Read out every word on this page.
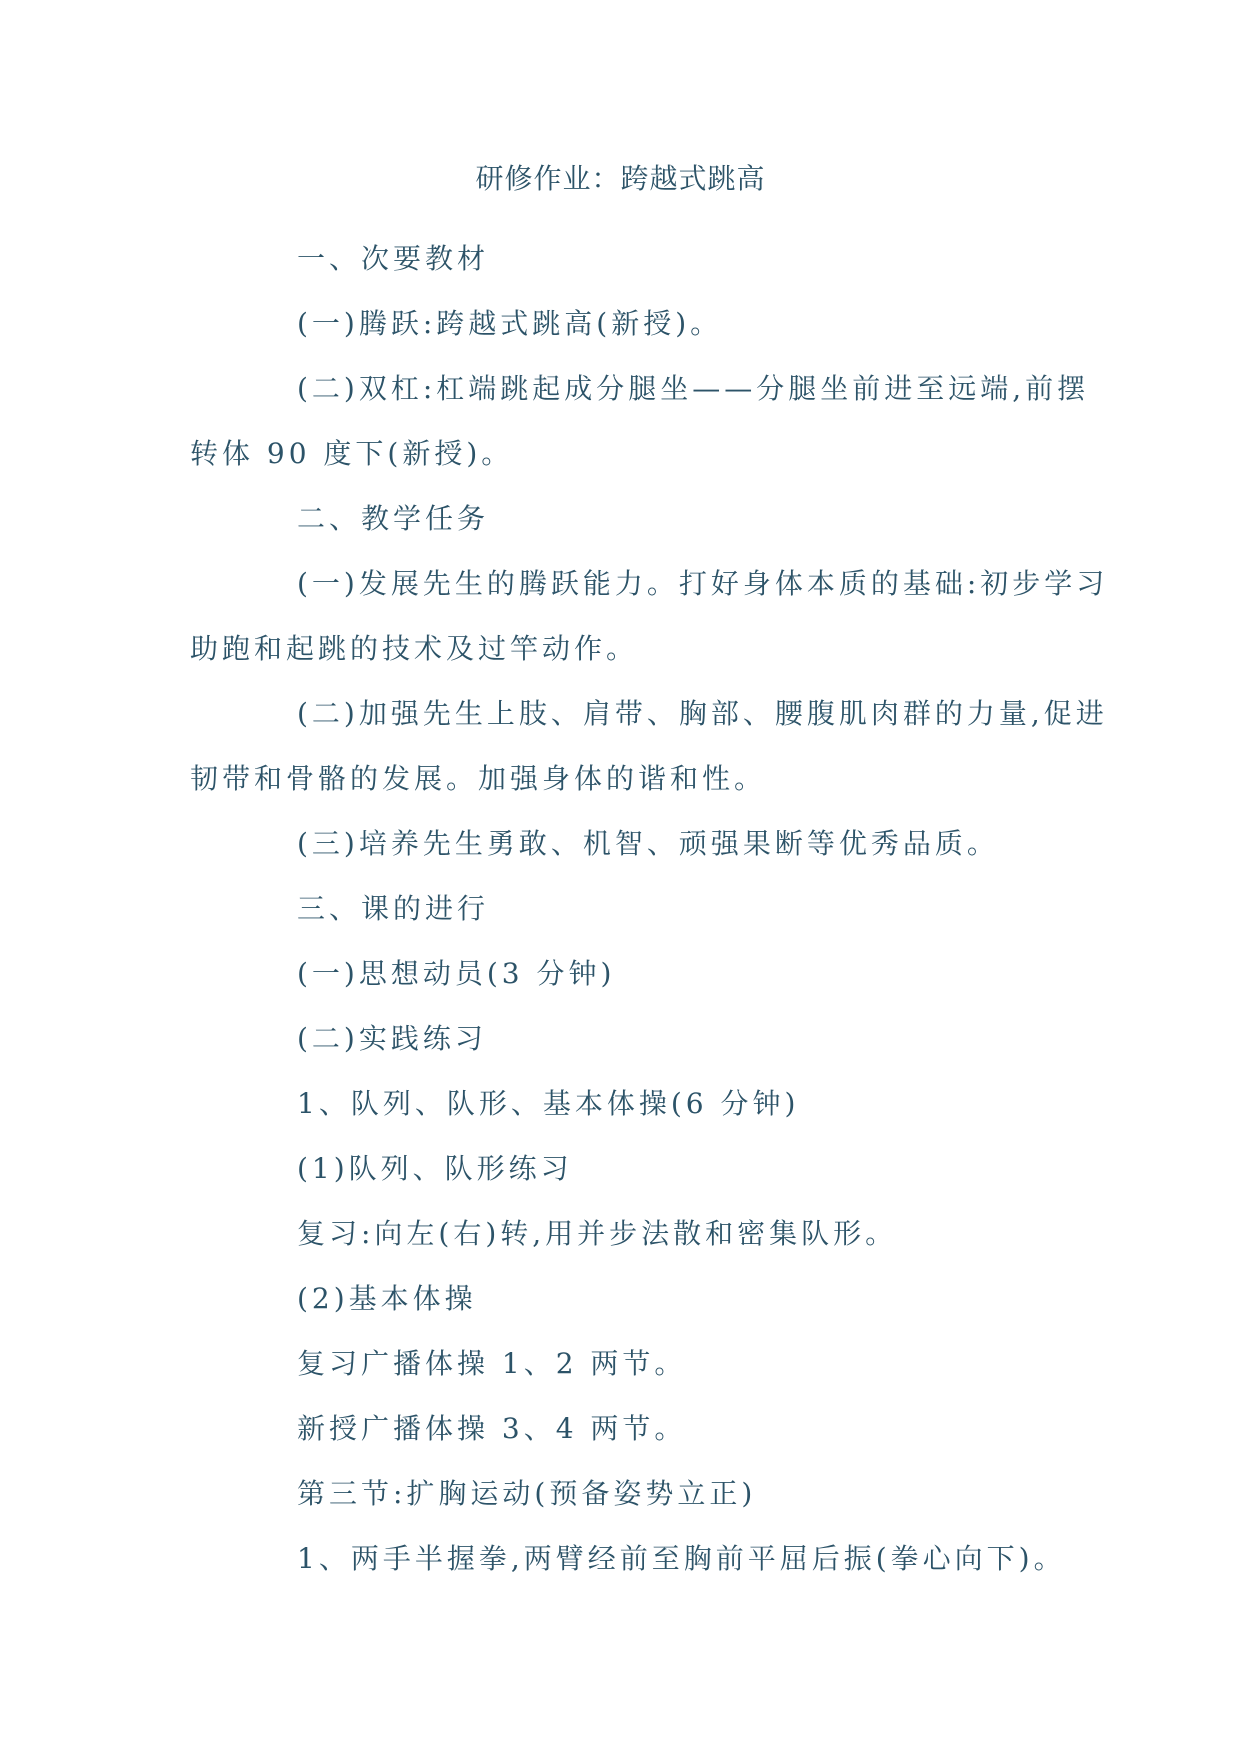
研修作业：跨越式跳高

一、次要教材

(一)腾跃:跨越式跳高(新授)。

(二)双杠:杠端跳起成分腿坐——分腿坐前进至远端,前摆

转体 90 度下(新授)。

二、教学任务

(一)发展先生的腾跃能力。打好身体本质的基础:初步学习

助跑和起跳的技术及过竿动作。

(二)加强先生上肢、肩带、胸部、腰腹肌肉群的力量,促进

韧带和骨骼的发展。加强身体的谐和性。

(三)培养先生勇敢、机智、顽强果断等优秀品质。

三、课的进行

(一)思想动员(3 分钟)

(二)实践练习

1、队列、队形、基本体操(6 分钟)

(1)队列、队形练习

复习:向左(右)转,用并步法散和密集队形。

(2)基本体操

复习广播体操 1、2 两节。

新授广播体操 3、4 两节。

第三节:扩胸运动(预备姿势立正)

1、两手半握拳,两臂经前至胸前平屈后振(拳心向下)。
